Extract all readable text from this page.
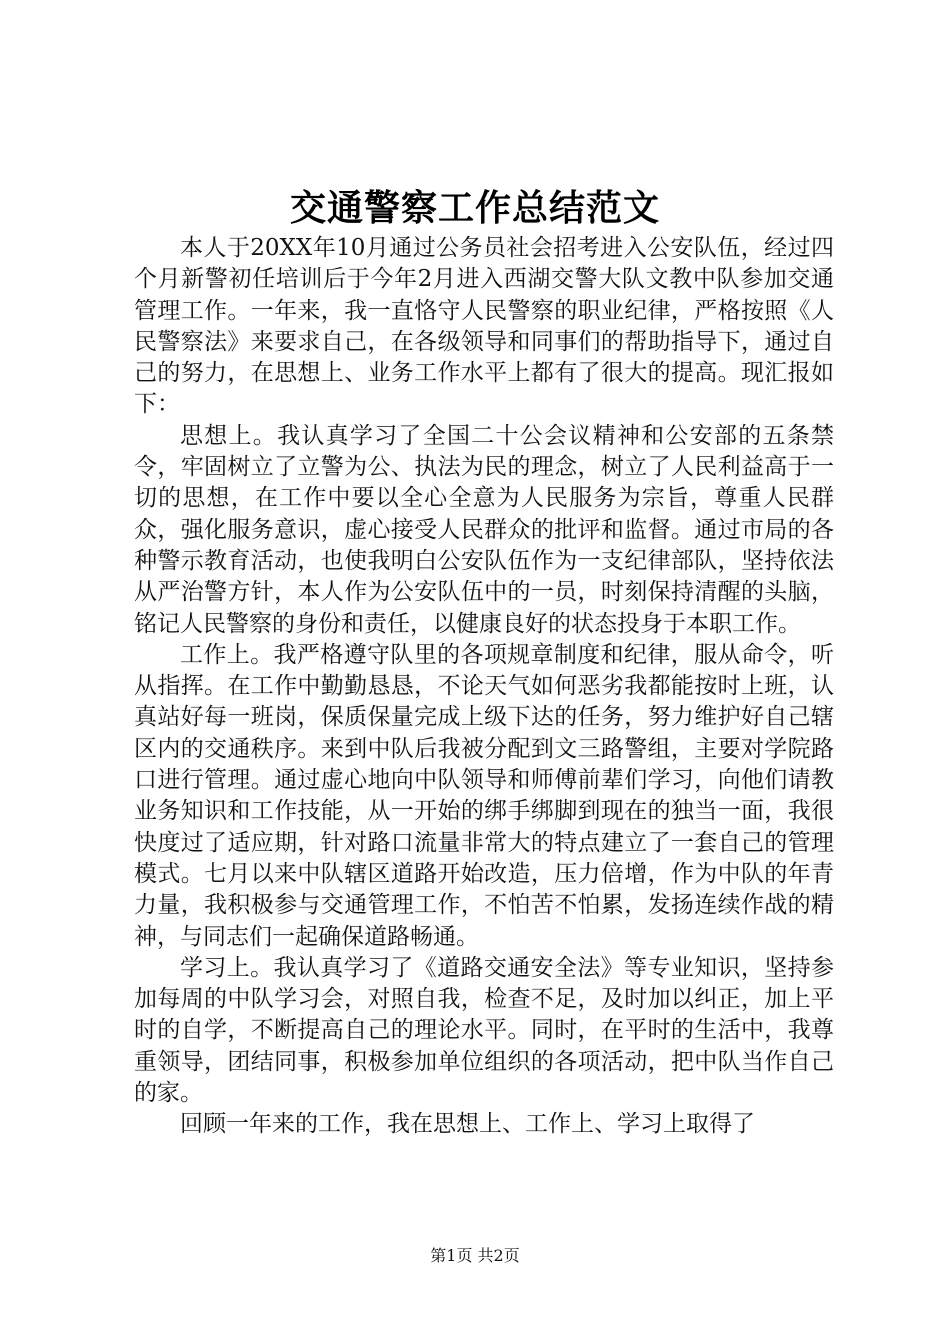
交通警察工作总结范文

本人于20XX年10月通过公务员社会招考进入公安队伍，经过四个月新警初任培训后于今年2月进入西湖交警大队文教中队参加交通管理工作。一年来，我一直恪守人民警察的职业纪律，严格按照《人民警察法》来要求自己，在各级领导和同事们的帮助指导下，通过自己的努力，在思想上、业务工作水平上都有了很大的提高。现汇报如下：

思想上。我认真学习了全国二十公会议精神和公安部的五条禁令，牢固树立了立警为公、执法为民的理念，树立了人民利益高于一切的思想，在工作中要以全心全意为人民服务为宗旨，尊重人民群众，强化服务意识，虚心接受人民群众的批评和监督。通过市局的各种警示教育活动，也使我明白公安队伍作为一支纪律部队，坚持依法从严治警方针，本人作为公安队伍中的一员，时刻保持清醒的头脑，铭记人民警察的身份和责任，以健康良好的状态投身于本职工作。

工作上。我严格遵守队里的各项规章制度和纪律，服从命令，听从指挥。在工作中勤勤恳恳，不论天气如何恶劣我都能按时上班，认真站好每一班岗，保质保量完成上级下达的任务，努力维护好自己辖区内的交通秩序。来到中队后我被分配到文三路警组，主要对学院路口进行管理。通过虚心地向中队领导和师傅前辈们学习，向他们请教业务知识和工作技能，从一开始的绑手绑脚到现在的独当一面，我很快度过了适应期，针对路口流量非常大的特点建立了一套自己的管理模式。七月以来中队辖区道路开始改造，压力倍增，作为中队的年青力量，我积极参与交通管理工作，不怕苦不怕累，发扬连续作战的精神，与同志们一起确保道路畅通。

学习上。我认真学习了《道路交通安全法》等专业知识，坚持参加每周的中队学习会，对照自我，检查不足，及时加以纠正，加上平时的自学，不断提高自己的理论水平。同时，在平时的生活中，我尊重领导，团结同事，积极参加单位组织的各项活动，把中队当作自己的家。

回顾一年来的工作，我在思想上、工作上、学习上取得了

第1页 共2页
